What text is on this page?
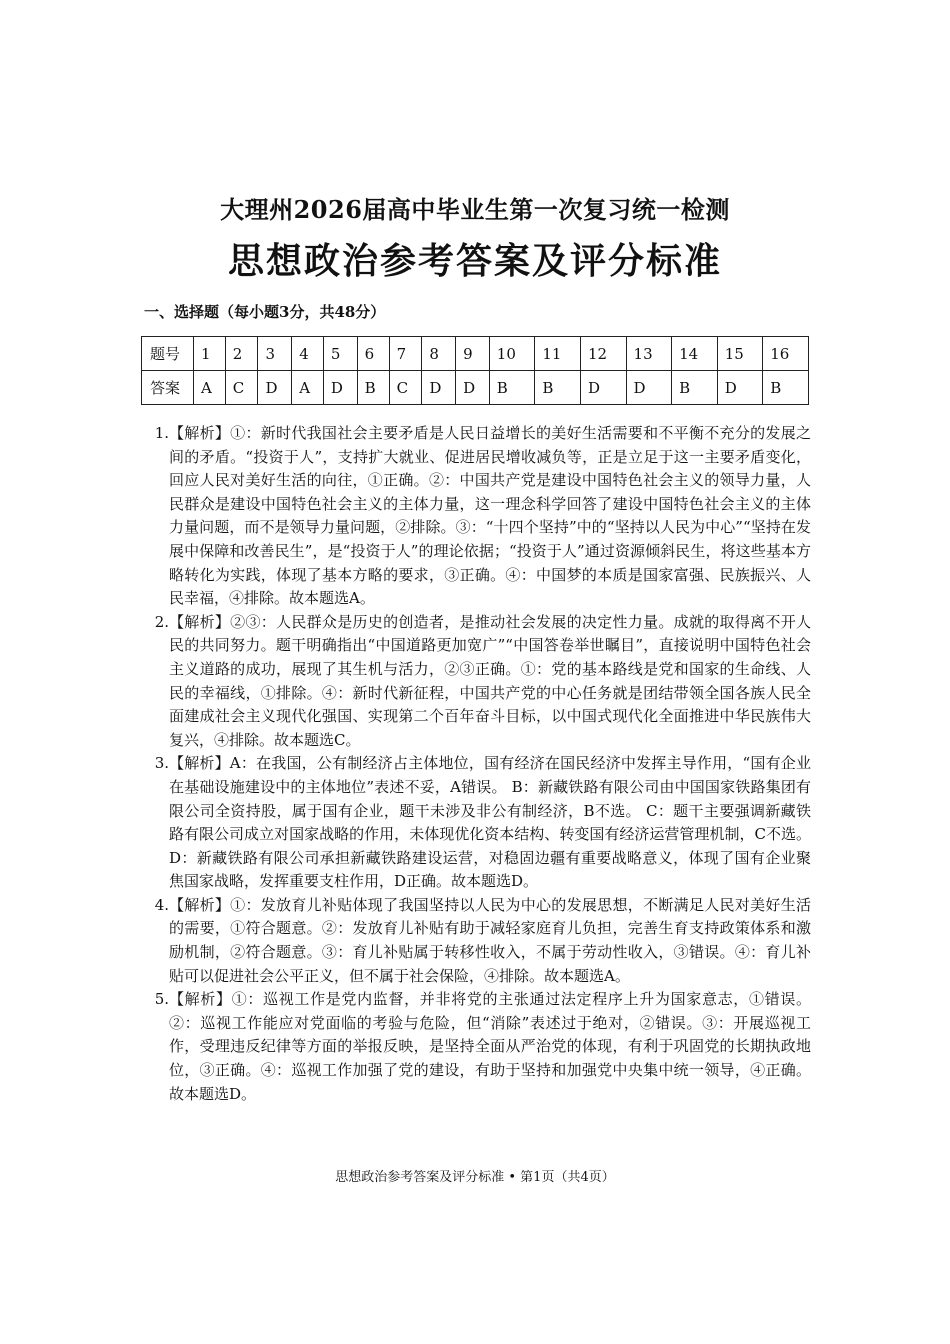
大理州2026届高中毕业生第一次复习统一检测
思想政治参考答案及评分标准
一、选择题（每小题3分，共48分）
题号	1	2	3	4	5	6	7	8	9	10	11	12	13	14	15	16
答案	A	C	D	A	D	B	C	D	D	B	B	D	D	B	D	B
1. 【解析】①：新时代我国社会主要矛盾是人民日益增长的美好生活需要和不平衡不充分的发展之间的矛盾。“投资于人”，支持扩大就业、促进居民增收减负等，正是立足于这一主要矛盾变化，回应人民对美好生活的向往，①正确。②：中国共产党是建设中国特色社会主义的领导力量，人民群众是建设中国特色社会主义的主体力量，这一理念科学回答了建设中国特色社会主义的主体力量问题，而不是领导力量问题，②排除。③：“十四个坚持”中的“坚持以人民为中心”“坚持在发展中保障和改善民生”，是“投资于人”的理论依据；“投资于人”通过资源倾斜民生，将这些基本方略转化为实践，体现了基本方略的要求，③正确。④：中国梦的本质是国家富强、民族振兴、人民幸福，④排除。故本题选A。
2. 【解析】②③：人民群众是历史的创造者，是推动社会发展的决定性力量。成就的取得离不开人民的共同努力。题干明确指出“中国道路更加宽广”“中国答卷举世瞩目”，直接说明中国特色社会主义道路的成功，展现了其生机与活力，②③正确。①：党的基本路线是党和国家的生命线、人民的幸福线，①排除。④：新时代新征程，中国共产党的中心任务就是团结带领全国各族人民全面建成社会主义现代化强国、实现第二个百年奋斗目标，以中国式现代化全面推进中华民族伟大复兴，④排除。故本题选C。
3. 【解析】A：在我国，公有制经济占主体地位，国有经济在国民经济中发挥主导作用，“国有企业在基础设施建设中的主体地位”表述不妥，A错误。 B：新藏铁路有限公司由中国国家铁路集团有限公司全资持股，属于国有企业，题干未涉及非公有制经济，B不选。 C：题干主要强调新藏铁路有限公司成立对国家战略的作用，未体现优化资本结构、转变国有经济运营管理机制，C不选。 D：新藏铁路有限公司承担新藏铁路建设运营，对稳固边疆有重要战略意义，体现了国有企业聚焦国家战略，发挥重要支柱作用，D正确。故本题选D。
4. 【解析】①：发放育儿补贴体现了我国坚持以人民为中心的发展思想，不断满足人民对美好生活的需要，①符合题意。②：发放育儿补贴有助于减轻家庭育儿负担，完善生育支持政策体系和激励机制，②符合题意。③：育儿补贴属于转移性收入，不属于劳动性收入，③错误。④：育儿补贴可以促进社会公平正义，但不属于社会保险，④排除。故本题选A。
5. 【解析】①：巡视工作是党内监督，并非将党的主张通过法定程序上升为国家意志，①错误。②：巡视工作能应对党面临的考验与危险，但“消除”表述过于绝对，②错误。③：开展巡视工作，受理违反纪律等方面的举报反映，是坚持全面从严治党的体现，有利于巩固党的长期执政地位，③正确。④：巡视工作加强了党的建设，有助于坚持和加强党中央集中统一领导，④正确。故本题选D。
思想政治参考答案及评分标准 • 第1页（共4页）
